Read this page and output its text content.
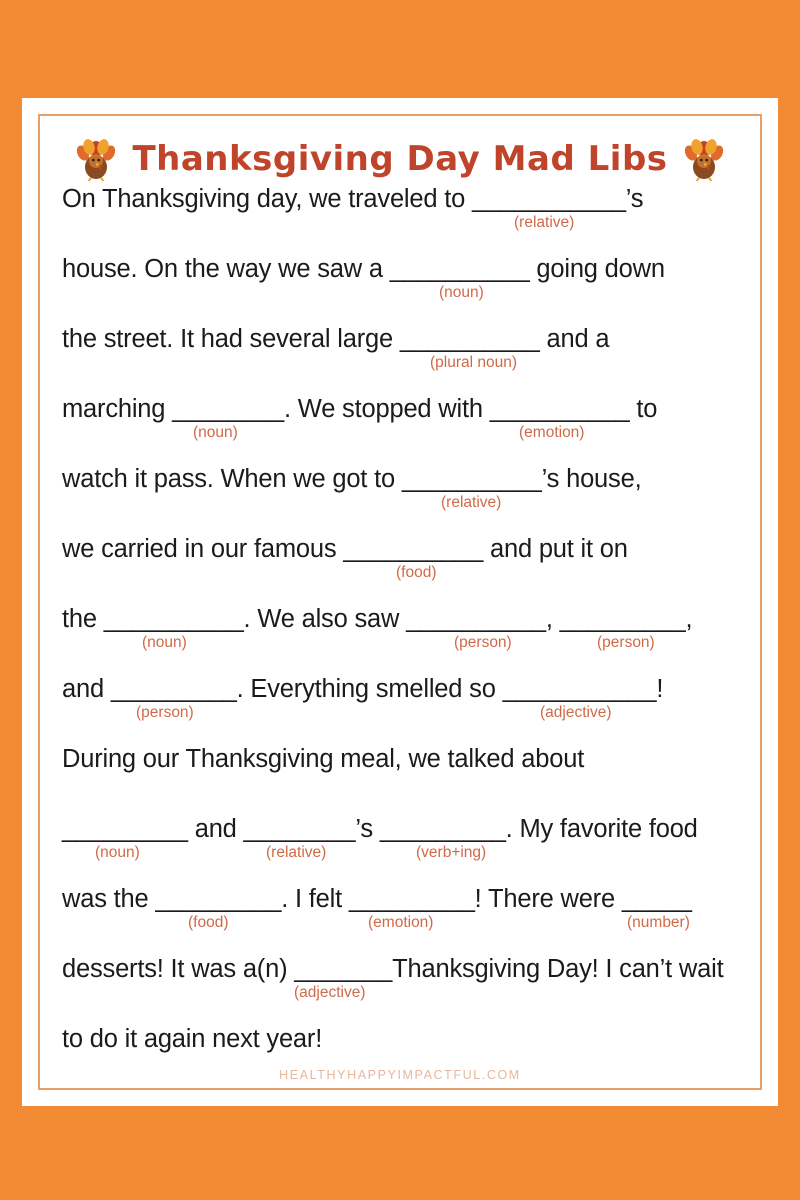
Thanksgiving Day Mad Libs
On Thanksgiving day, we traveled to ___________’s
(relative)
house. On the way we saw a __________ going down
(noun)
the street. It had several large __________ and a
(plural noun)
marching ________. We stopped with __________ to
(noun)	(emotion)
watch it pass. When we got to __________’s house,
(relative)
we carried in our famous __________ and put it on
(food)
the __________. We also saw __________, _________,
(noun)	(person)	(person)
and _________. Everything smelled so ___________!
(person)	(adjective)
During our Thanksgiving meal, we talked about
_________ and ________’s _________. My favorite food
(noun)	(relative)	(verb+ing)
was the _________. I felt _________! There were _____
(food)	(emotion)	(number)
desserts! It was a(n) _______Thanksgiving Day! I can’t wait
(adjective)
to do it again next year!
HEALTHYHAPPYIMPACTFUL.COM
